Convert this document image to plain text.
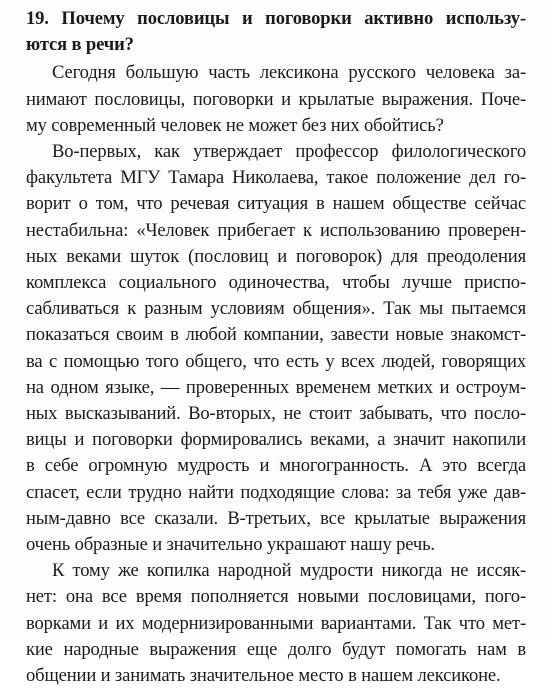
19. Почему пословицы и поговорки активно использу-
ются в речи?
Сегодня большую часть лексикона русского человека за-
нимают пословицы, поговорки и крылатые выражения. Поче-
му современный человек не может без них обойтись?
Во-первых, как утверждает профессор филологического
факультета МГУ Тамара Николаева, такое положение дел го-
ворит о том, что речевая ситуация в нашем обществе сейчас
нестабильна: «Человек прибегает к использованию проверен-
ных веками шуток (пословиц и поговорок) для преодоления
комплекса социального одиночества, чтобы лучше приспо-
сабливаться к разным условиям общения». Так мы пытаемся
показаться своим в любой компании, завести новые знакомст-
ва с помощью того общего, что есть у всех людей, говорящих
на одном языке, — проверенных временем метких и остроум-
ных высказываний. Во-вторых, не стоит забывать, что посло-
вицы и поговорки формировались веками, а значит накопили
в себе огромную мудрость и многогранность. А это всегда
спасет, если трудно найти подходящие слова: за тебя уже дав-
ным-давно все сказали. В-третьих, все крылатые выражения
очень образные и значительно украшают нашу речь.
К тому же копилка народной мудрости никогда не иссяк-
нет: она все время пополняется новыми пословицами, пого-
ворками и их модернизированными вариантами. Так что мет-
кие народные выражения еще долго будут помогать нам в
общении и занимать значительное место в нашем лексиконе.
